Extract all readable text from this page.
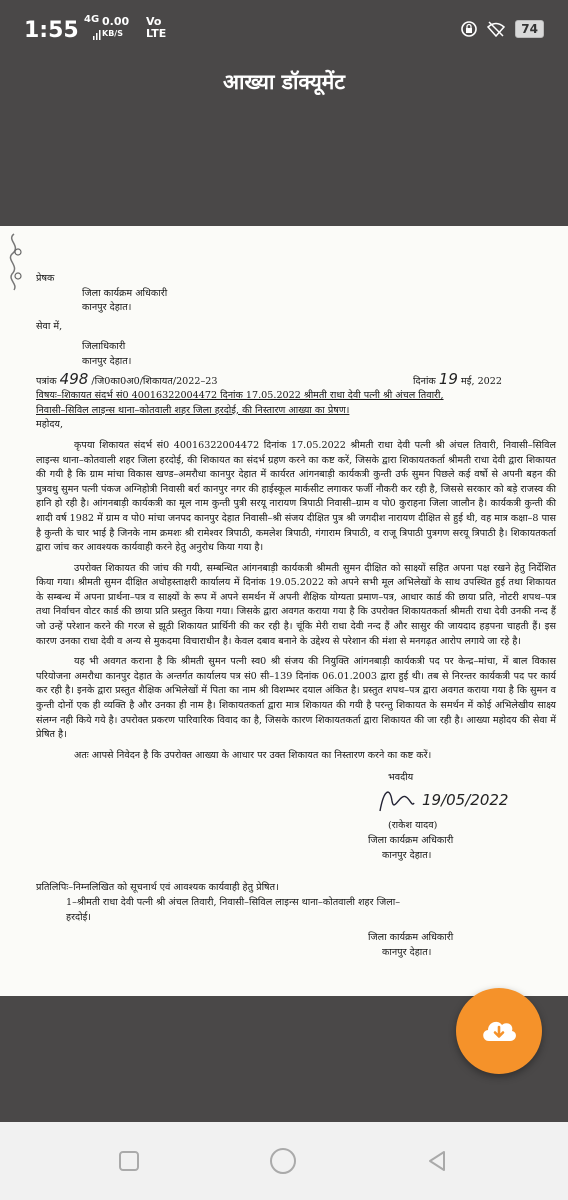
1:55 4G 0.00
KB/S
Vo
LTE	74
आख्या डॉक्यूमेंट

प्रेषक

जिला कार्यक्रम अधिकारी

कानपुर देहात।

सेवा में,

जिलाधिकारी

कानपुर देहात।

पत्रांक 498 /जि0का0अ0/शिकायत/2022–23	दिनांक 19 मई, 2022

विषयः–शिकायत संदर्भ सं0 40016322004472 दिनांक 17.05.2022 श्रीमती राधा देवी पत्नी श्री अंचल तिवारी,

निवासी–सिविल लाइन्स थाना–कोतवाली शहर जिला हरदोई, की निस्तारण आख्या का प्रेषण।

महोदय,

कृपया शिकायत संदर्भ सं0 40016322004472 दिनांक 17.05.2022 श्रीमती राधा देवी पत्नी श्री अंचल तिवारी, निवासी–सिविल लाइन्स थाना–कोतवाली शहर जिला हरदोई, की शिकायत का संदर्भ ग्रहण करने का कष्ट करें, जिसके द्वारा शिकायतकर्ता श्रीमती राधा देवी द्वारा शिकायत की गयी है कि ग्राम मांचा विकास खण्ड–अमरौधा कानपुर देहात में कार्यरत आंगनबाड़ी कार्यकत्री कुन्ती उर्फ सुमन पिछले कई वर्षो से अपनी बहन की पुत्रवधु सुमन पत्नी पंकज अग्निहोत्री निवासी बर्रा कानपुर नगर की हाईस्कूल मार्कसीट लगाकर फर्जी नौकरी कर रही है, जिससे सरकार को बड़े राजस्व की हानि हो रही है। आंगनबाड़ी कार्यकत्री का मूल नाम कुन्ती पुत्री सरयू नारायण त्रिपाठी निवासी–ग्राम व पो0 कुराहना जिला जालौन है। कार्यकत्री कुन्ती की शादी वर्ष 1982 में ग्राम व पो0 मांचा जनपद कानपुर देहात निवासी–श्री संजय दीक्षित पुत्र श्री जगदीश नारायण दीक्षित से हुई थी, वह मात्र कक्षा–8 पास है कुन्ती के चार भाई है जिनके नाम क्रमशः श्री रामेश्वर त्रिपाठी, कमलेश त्रिपाठी, गंगाराम त्रिपाठी, व राजू त्रिपाठी पुत्रगण सरयू त्रिपाठी है। शिकायतकर्ता द्वारा जांच कर आवश्यक कार्यवाही करने हेतु अनुरोध किया गया है।

उपरोक्त शिकायत की जांच की गयी, सम्बन्धित आंगनबाड़ी कार्यकत्री श्रीमती सुमन दीक्षित को साक्ष्यों सहित अपना पक्ष रखने हेतु निर्देशित किया गया। श्रीमती सुमन दीक्षित अधोहस्ताक्षरी कार्यालय में दिनांक 19.05.2022 को अपने सभी मूल अभिलेखों के साथ उपस्थित हुई तथा शिकायत के सम्बन्ध में अपना प्रार्थना–पत्र व साक्ष्यों के रूप में अपने समर्थन में अपनी शैक्षिक योग्यता प्रमाण–पत्र, आधार कार्ड की छाया प्रति, नोटरी शपथ–पत्र तथा निर्वाचन वोटर कार्ड की छाया प्रति प्रस्तुत किया गया। जिसके द्वारा अवगत कराया गया है कि उपरोक्त शिकायतकर्ता श्रीमती राधा देवी उनकी नन्द हैं जो उन्हें परेशान करने की गरज से झूठी शिकायत प्रार्थिनी की कर रही है। चूंकि मेरी राधा देवी नन्द हैं और सासुर की जायदाद हड़पना चाहती हैं। इस कारण उनका राधा देवी व अन्य से मुकदमा विचाराधीन है। केवल दबाव बनाने के उद्देश्य से परेशान की मंशा से मनगढ़त आरोप लगाये जा रहे है।

यह भी अवगत कराना है कि श्रीमती सुमन पत्नी स्व0 श्री संजय की नियुक्ति आंगनबाड़ी कार्यकत्री पद पर केन्द्र–मांचा, में बाल विकास परियोजना अमरौधा कानपुर देहात के अन्तर्गत कार्यालय पत्र सं0 सी–139 दिनांक 06.01.2003 द्वारा हुई थी। तब से निरन्तर कार्यकत्री पद पर कार्य कर रही है। इनके द्वारा प्रस्तुत शैक्षिक अभिलेखों में पिता का नाम श्री विशम्भर दयाल अंकित है। प्रस्तुत शपथ–पत्र द्वारा अवगत कराया गया है कि सुमन व कुन्ती दोनों एक ही व्यक्ति है और उनका ही नाम है। शिकायतकर्ता द्वारा मात्र शिकायत की गयी है परन्तु शिकायत के समर्थन में कोई अभिलेखीय साक्ष्य संलग्न नही किये गये है। उपरोक्त प्रकरण पारिवारिक विवाद का है, जिसके कारण शिकायतकर्ता द्वारा शिकायत की जा रही है। आख्या महोदय की सेवा में प्रेषित है।

अतः आपसे निवेदन है कि उपरोक्त आख्या के आधार पर उक्त शिकायत का निस्तारण करने का कष्ट करें।

भवदीय

19/05/2022

(राकेश यादव)

जिला कार्यक्रम अधिकारी

कानपुर देहात।

प्रतिलिपिः–निम्नलिखित को सूचनार्थ एवं आवश्यक कार्यवाही हेतु प्रेषित।

1–श्रीमती राधा देवी पत्नी श्री अंचल तिवारी, निवासी–सिविल लाइन्स थाना–कोतवाली शहर जिला–

हरदोई।

जिला कार्यक्रम अधिकारी

कानपुर देहात।
